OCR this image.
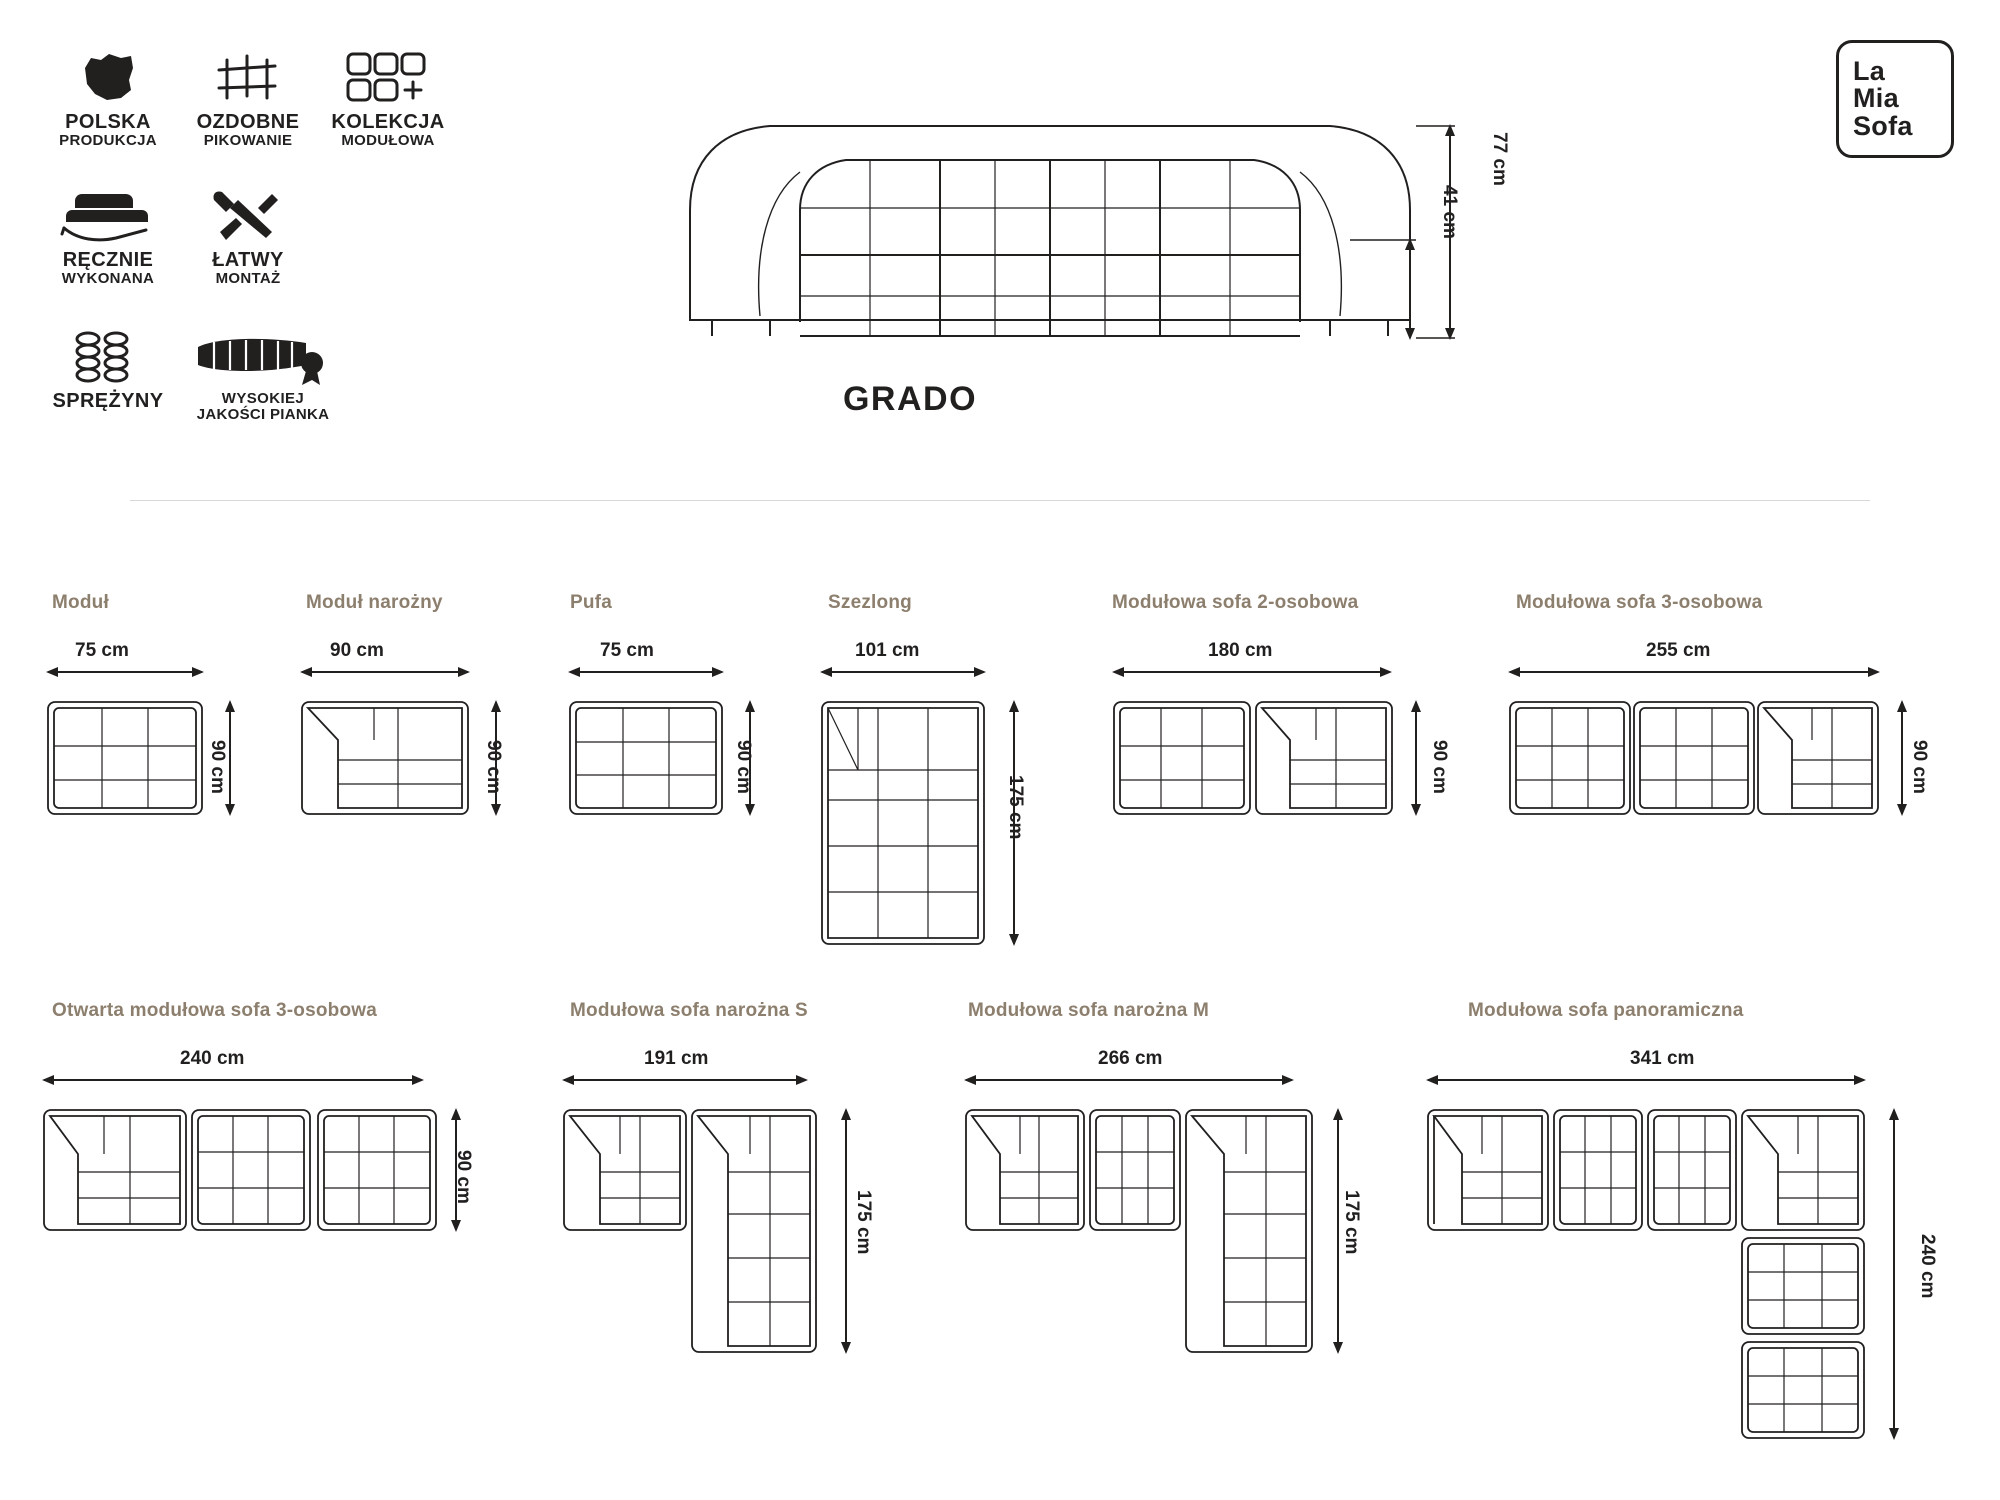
POLSKA
PRODUKCJA
OZDOBNE
PIKOWANIE
KOLEKCJA
MODUŁOWA
RĘCZNIE
WYKONANA
ŁATWY
MONTAŻ
SPRĘŻYNY	WYSOKIEJ
JAKOŚCI PIANKA
La
Mia
Sofa
77 cm
41 cm
GRADO
Moduł
75 cm
90 cm
Moduł narożny
90 cm
90 cm
Pufa
75 cm
90 cm
Szezlong
101 cm
175 cm
Modułowa sofa 2-osobowa
180 cm
90 cm
Modułowa sofa 3-osobowa
255 cm
90 cm
Otwarta modułowa sofa 3-osobowa
240 cm
90 cm
Modułowa sofa narożna S
191 cm
175 cm
Modułowa sofa narożna M
266 cm
175 cm
Modułowa sofa panoramiczna
341 cm
240 cm
